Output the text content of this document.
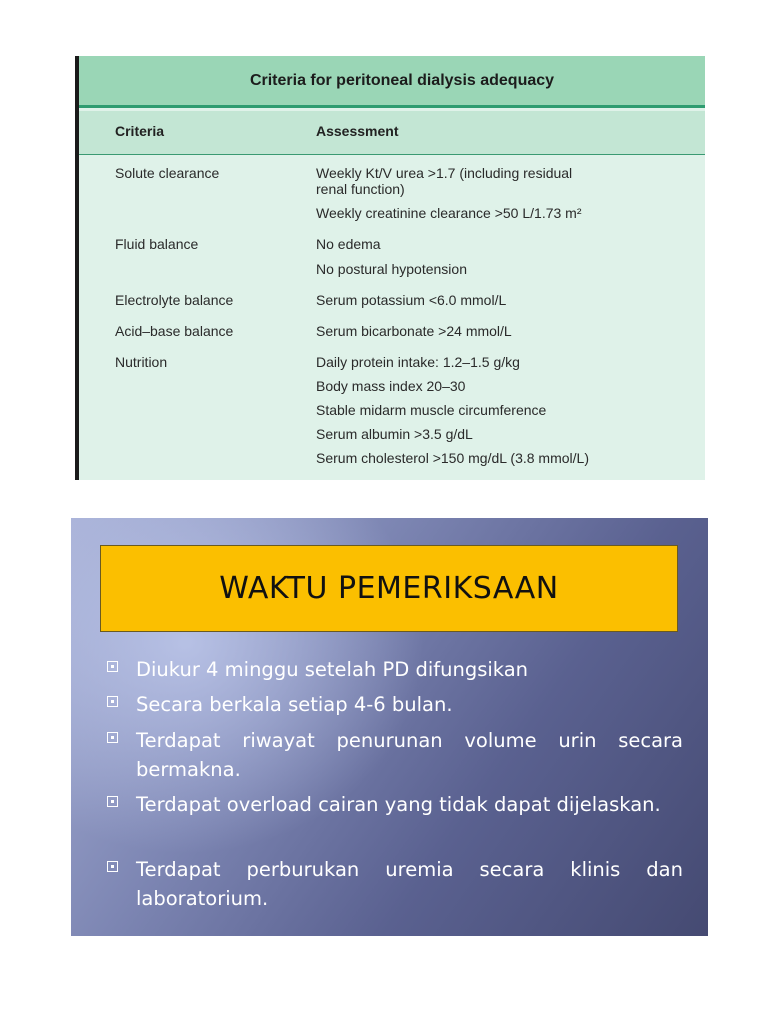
Criteria for peritoneal dialysis adequacy
Criteria	Assessment
Solute clearance	Weekly Kt/V urea >1.7 (including residual
renal function)
Weekly creatinine clearance >50 L/1.73 m²
Fluid balance	No edema
No postural hypotension
Electrolyte balance	Serum potassium <6.0 mmol/L
Acid–base balance	Serum bicarbonate >24 mmol/L
Nutrition	Daily protein intake: 1.2–1.5 g/kg
Body mass index 20–30
Stable midarm muscle circumference
Serum albumin >3.5 g/dL
Serum cholesterol >150 mg/dL (3.8 mmol/L)
WAKTU PEMERIKSAAN
Diukur 4 minggu setelah PD difungsikan
Secara berkala setiap 4-6 bulan.
Terdapat riwayat penurunan volume urin secara bermakna.
Terdapat overload cairan yang tidak dapat dijelaskan.
Terdapat perburukan uremia secara klinis dan laboratorium.
